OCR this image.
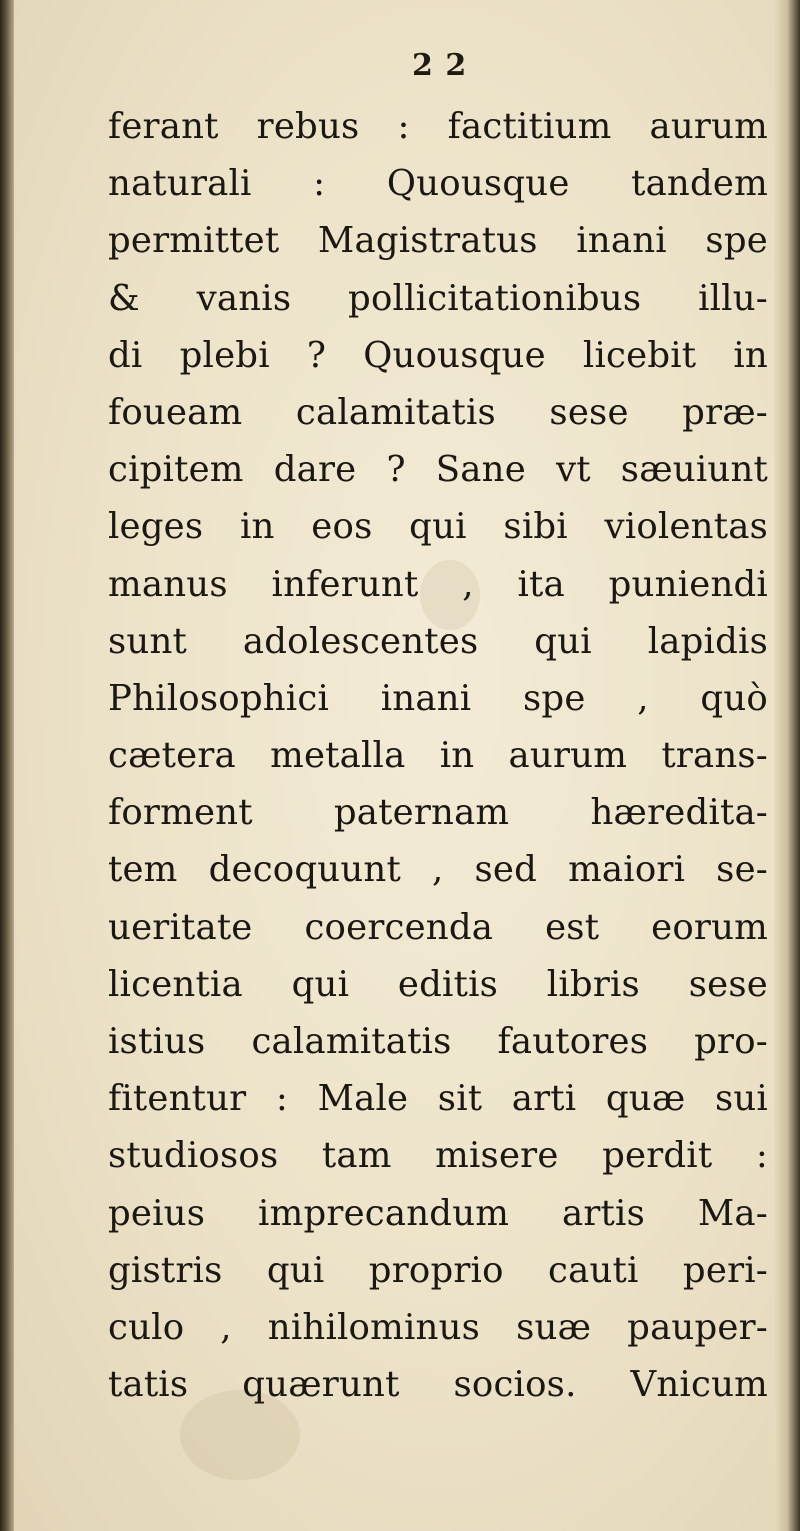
2 2
ferant rebus : factitium aurum
naturali : Quousque tandem
permittet Magistratus inani spe
& vanis pollicitationibus illu-
di plebi ? Quousque licebit in
foueam calamitatis sese præ-
cipitem dare ? Sane vt sæuiunt
leges in eos qui sibi violentas
manus inferunt , ita puniendi
sunt adolescentes qui lapidis
Philosophici inani spe , quò
cætera metalla in aurum trans-
forment paternam hæredita-
tem decoquunt , sed maiori se-
ueritate coercenda est eorum
licentia qui editis libris sese
istius calamitatis fautores pro-
fitentur : Male sit arti quæ sui
studiosos tam misere perdit :
peius imprecandum artis Ma-
gistris qui proprio cauti peri-
culo , nihilominus suæ pauper-
tatis quærunt socios. Vnicum
